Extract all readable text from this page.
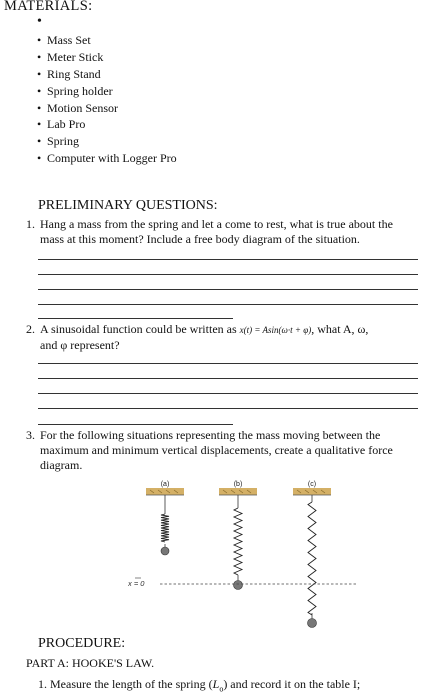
MATERIALS:
•
• Mass Set
• Meter Stick
• Ring Stand
• Spring holder
• Motion Sensor
• Lab Pro
• Spring
• Computer with Logger Pro
PRELIMINARY QUESTIONS:
1. Hang a mass from the spring and let a come to rest, what is true about the
mass at this moment? Include a free body diagram of the situation.
2. A sinusoidal function could be written as x(t) = Asin(ω·t + φ), what A, ω,
and φ represent?
3. For the following situations representing the mass moving between the
maximum and minimum vertical displacements, create a qualitative force
diagram.
(a)	(b)	(c)
x = 0
PROCEDURE:
PART A: HOOKE'S LAW.
1. Measure the length of the spring $(L_o)$ and record it on the table I;
